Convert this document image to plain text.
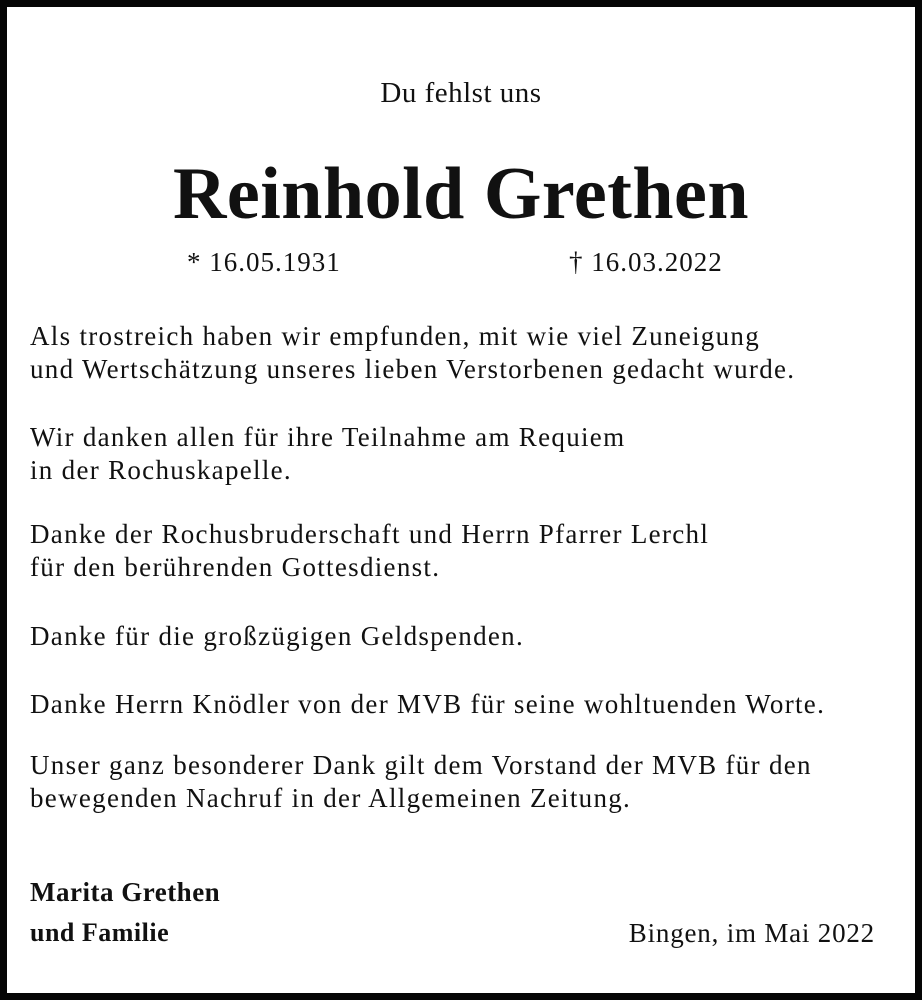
Du fehlst uns
Reinhold Grethen
* 16.05.1931	† 16.03.2022
Als trostreich haben wir empfunden, mit wie viel Zuneigung
und Wertschätzung unseres lieben Verstorbenen gedacht wurde.
Wir danken allen für ihre Teilnahme am Requiem
in der Rochuskapelle.
Danke der Rochusbruderschaft und Herrn Pfarrer Lerchl
für den berührenden Gottesdienst.
Danke für die großzügigen Geldspenden.
Danke Herrn Knödler von der MVB für seine wohltuenden Worte.
Unser ganz besonderer Dank gilt dem Vorstand der MVB für den
bewegenden Nachruf in der Allgemeinen Zeitung.
Marita Grethen
und Familie	Bingen, im Mai 2022
